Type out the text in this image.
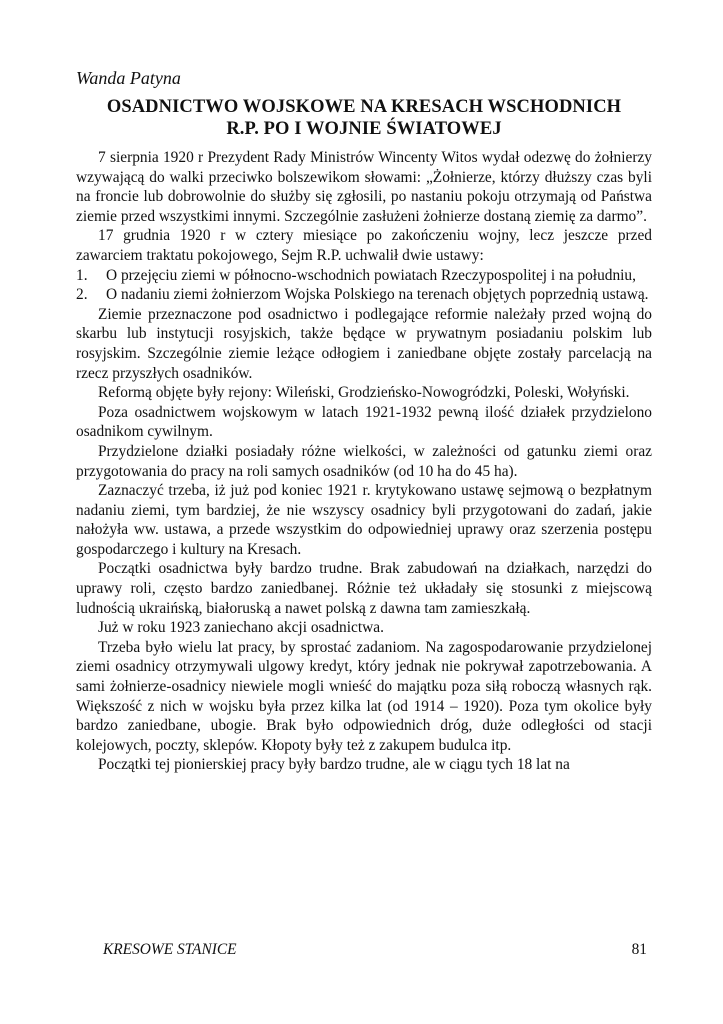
Wanda Patyna
OSADNICTWO WOJSKOWE NA KRESACH WSCHODNICH
R.P. PO I WOJNIE ŚWIATOWEJ

7 sierpnia 1920 r Prezydent Rady Ministrów Wincenty Witos wydał odezwę do żołnierzy wzywającą do walki przeciwko bolszewikom słowami: „Żołnierze, którzy dłuższy czas byli na froncie lub dobrowolnie do służby się zgłosili, po nastaniu pokoju otrzymają od Państwa ziemie przed wszystkimi innymi. Szczególnie zasłużeni żołnierze dostaną ziemię za darmo”.

17 grudnia 1920 r w cztery miesiące po zakończeniu wojny, lecz jeszcze przed zawarciem traktatu pokojowego, Sejm R.P. uchwalił dwie ustawy:

1. O przejęciu ziemi w północno-wschodnich powiatach Rzeczypospolitej i na południu,
2. O nadaniu ziemi żołnierzom Wojska Polskiego na terenach objętych poprzednią ustawą.

Ziemie przeznaczone pod osadnictwo i podlegające reformie należały przed wojną do skarbu lub instytucji rosyjskich, także będące w prywatnym posiadaniu polskim lub rosyjskim. Szczególnie ziemie leżące odłogiem i zaniedbane objęte zostały parcelacją na rzecz przyszłych osadników.

Reformą objęte były rejony: Wileński, Grodzieńsko-Nowogródzki, Poleski, Wołyński.

Poza osadnictwem wojskowym w latach 1921-1932 pewną ilość działek przydzielono osadnikom cywilnym.

Przydzielone działki posiadały różne wielkości, w zależności od gatunku ziemi oraz przygotowania do pracy na roli samych osadników (od 10 ha do 45 ha).

Zaznaczyć trzeba, iż już pod koniec 1921 r. krytykowano ustawę sejmową o bezpłatnym nadaniu ziemi, tym bardziej, że nie wszyscy osadnicy byli przygotowani do zadań, jakie nałożyła ww. ustawa, a przede wszystkim do odpowiedniej uprawy oraz szerzenia postępu gospodarczego i kultury na Kresach.

Początki osadnictwa były bardzo trudne. Brak zabudowań na działkach, narzędzi do uprawy roli, często bardzo zaniedbanej. Różnie też układały się stosunki z miejscową ludnością ukraińską, białoruską a nawet polską z dawna tam zamieszkałą.

Już w roku 1923 zaniechano akcji osadnictwa.

Trzeba było wielu lat pracy, by sprostać zadaniom. Na zagospodarowanie przydzielonej ziemi osadnicy otrzymywali ulgowy kredyt, który jednak nie pokrywał zapotrzebowania. A sami żołnierze-osadnicy niewiele mogli wnieść do majątku poza siłą roboczą własnych rąk. Większość z nich w wojsku była przez kilka lat (od 1914 – 1920). Poza tym okolice były bardzo zaniedbane, ubogie. Brak było odpowiednich dróg, duże odległości od stacji kolejowych, poczty, sklepów. Kłopoty były też z zakupem budulca itp.

Początki tej pionierskiej pracy były bardzo trudne, ale w ciągu tych 18 lat na

KRESOWE STANICE	81
